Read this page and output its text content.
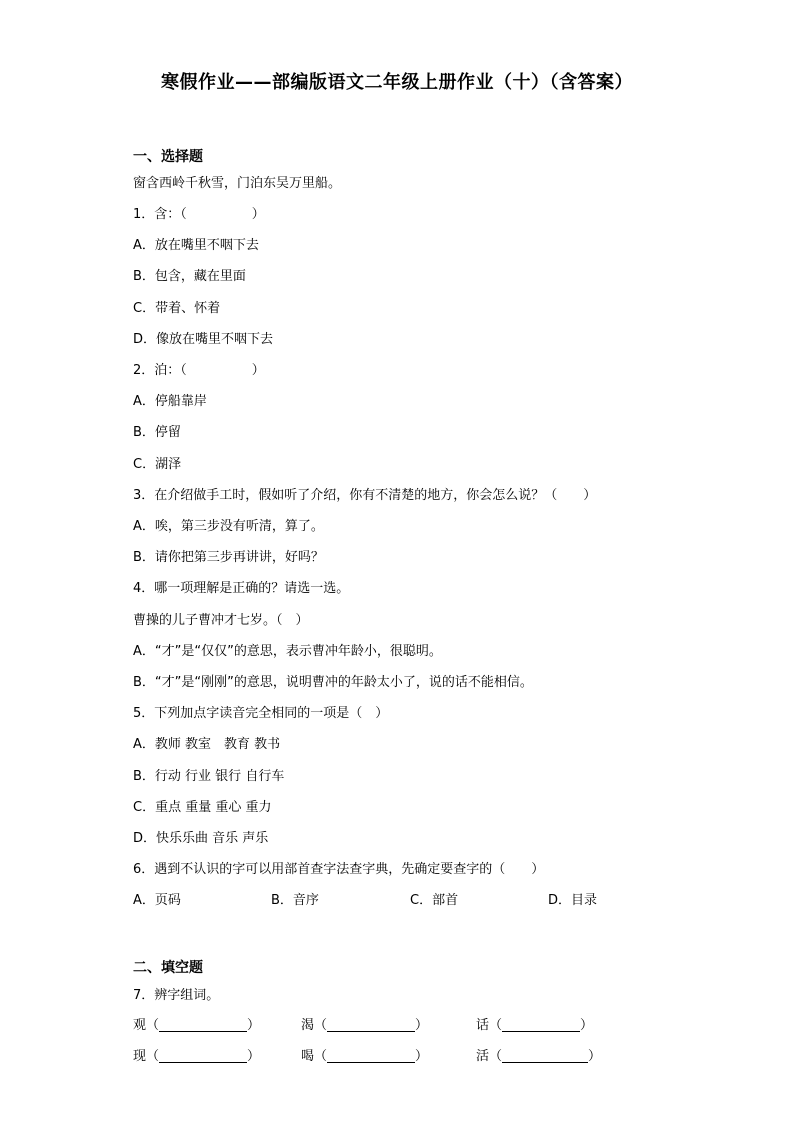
寒假作业——部编版语文二年级上册作业（十）（含答案）
一、选择题
窗含西岭千秋雪，门泊东吴万里船。
1．含：（　　　　　）
A．放在嘴里不咽下去
B．包含，藏在里面
C．带着、怀着
D．像放在嘴里不咽下去
2．泊：（　　　　　）
A．停船靠岸
B．停留
C．湖泽
3．在介绍做手工时，假如听了介绍，你有不清楚的地方，你会怎么说？（　　）
A．唉，第三步没有听清，算了。
B．请你把第三步再讲讲，好吗？
4．哪一项理解是正确的？请选一选。
曹操的儿子曹冲才七岁。（　）
A．“才”是“仅仅”的意思，表示曹冲年龄小，很聪明。
B．“才”是“刚刚”的意思，说明曹冲的年龄太小了，说的话不能相信。
5．下列加点字读音完全相同的一项是（　）
A．教师 教室　教育 教书
B．行动 行业 银行 自行车
C．重点 重量 重心 重力
D．快乐乐曲 音乐 声乐
6．遇到不认识的字可以用部首查字法查字典，先确定要查字的（　　）
A．页码	B．音序	C．部首	D．目录
二、填空题
7．辨字组词。
观（	）	渴（	）	话（	）
现（	）	喝（	）	活（	）
